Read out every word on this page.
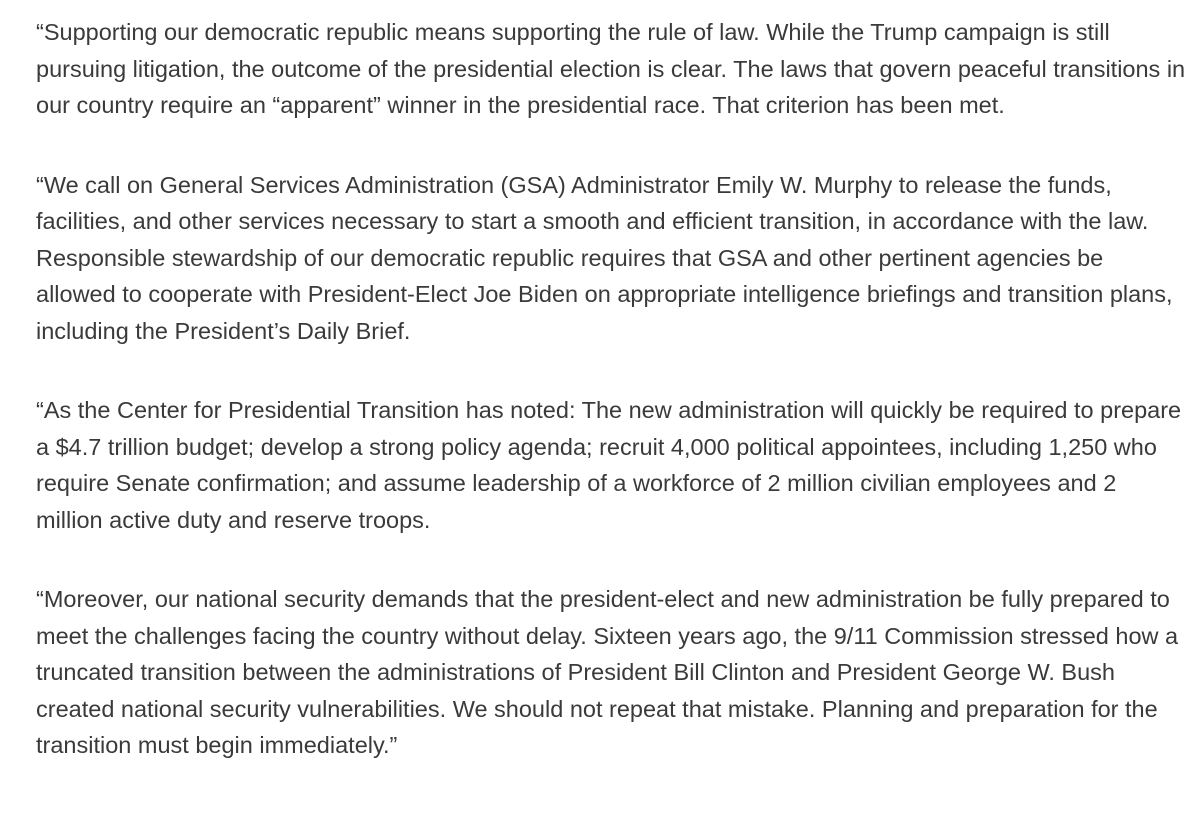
“Supporting our democratic republic means supporting the rule of law. While the Trump campaign is still pursuing litigation, the outcome of the presidential election is clear. The laws that govern peaceful transitions in our country require an “apparent” winner in the presidential race. That criterion has been met.

“We call on General Services Administration (GSA) Administrator Emily W. Murphy to release the funds, facilities, and other services necessary to start a smooth and efficient transition, in accordance with the law. Responsible stewardship of our democratic republic requires that GSA and other pertinent agencies be allowed to cooperate with President-Elect Joe Biden on appropriate intelligence briefings and transition plans, including the President’s Daily Brief.

“As the Center for Presidential Transition has noted: The new administration will quickly be required to prepare a $4.7 trillion budget; develop a strong policy agenda; recruit 4,000 political appointees, including 1,250 who require Senate confirmation; and assume leadership of a workforce of 2 million civilian employees and 2 million active duty and reserve troops.

“Moreover, our national security demands that the president-elect and new administration be fully prepared to meet the challenges facing the country without delay. Sixteen years ago, the 9/11 Commission stressed how a truncated transition between the administrations of President Bill Clinton and President George W. Bush created national security vulnerabilities. We should not repeat that mistake. Planning and preparation for the transition must begin immediately.”
